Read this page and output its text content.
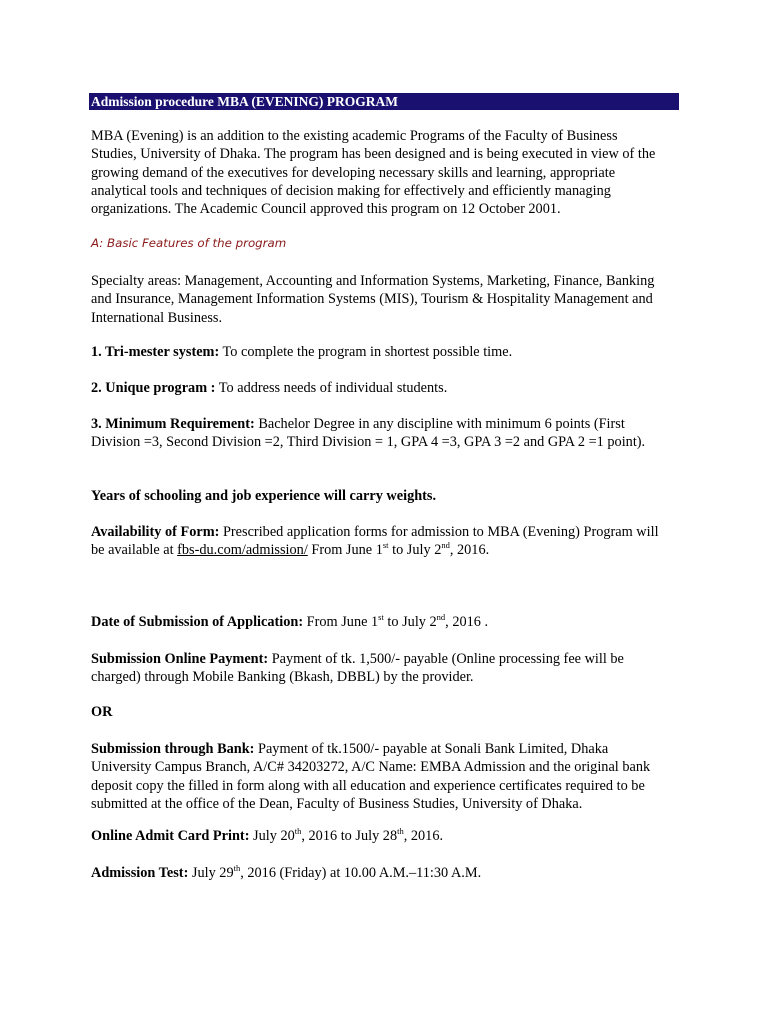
Admission procedure MBA (EVENING) PROGRAM
MBA (Evening) is an addition to the existing academic Programs of the Faculty of Business Studies, University of Dhaka. The program has been designed and is being executed in view of the growing demand of the executives for developing necessary skills and learning, appropriate analytical tools and techniques of decision making for effectively and efficiently managing organizations. The Academic Council approved this program on 12 October 2001.
A: Basic Features of the program
Specialty areas: Management, Accounting and Information Systems, Marketing, Finance, Banking and Insurance, Management Information Systems (MIS), Tourism & Hospitality Management and International Business.
1. Tri-mester system: To complete the program in shortest possible time.
2. Unique program : To address needs of individual students.
3. Minimum Requirement: Bachelor Degree in any discipline with minimum 6 points (First Division =3, Second Division =2, Third Division = 1, GPA 4 =3, GPA 3 =2 and GPA 2 =1 point).
Years of schooling and job experience will carry weights.
Availability of Form: Prescribed application forms for admission to MBA (Evening) Program will be available at fbs-du.com/admission/ From June 1st to July 2nd, 2016.
Date of Submission of Application: From June 1st to July 2nd, 2016 .
Submission Online Payment: Payment of tk. 1,500/- payable (Online processing fee will be charged) through Mobile Banking (Bkash, DBBL) by the provider.
OR
Submission through Bank: Payment of tk.1500/- payable at Sonali Bank Limited, Dhaka University Campus Branch, A/C# 34203272, A/C Name: EMBA Admission and the original bank deposit copy the filled in form along with all education and experience certificates required to be submitted at the office of the Dean, Faculty of Business Studies, University of Dhaka.
Online Admit Card Print: July 20th, 2016 to July 28th, 2016.
Admission Test: July 29th, 2016 (Friday) at 10.00 A.M.–11:30 A.M.
